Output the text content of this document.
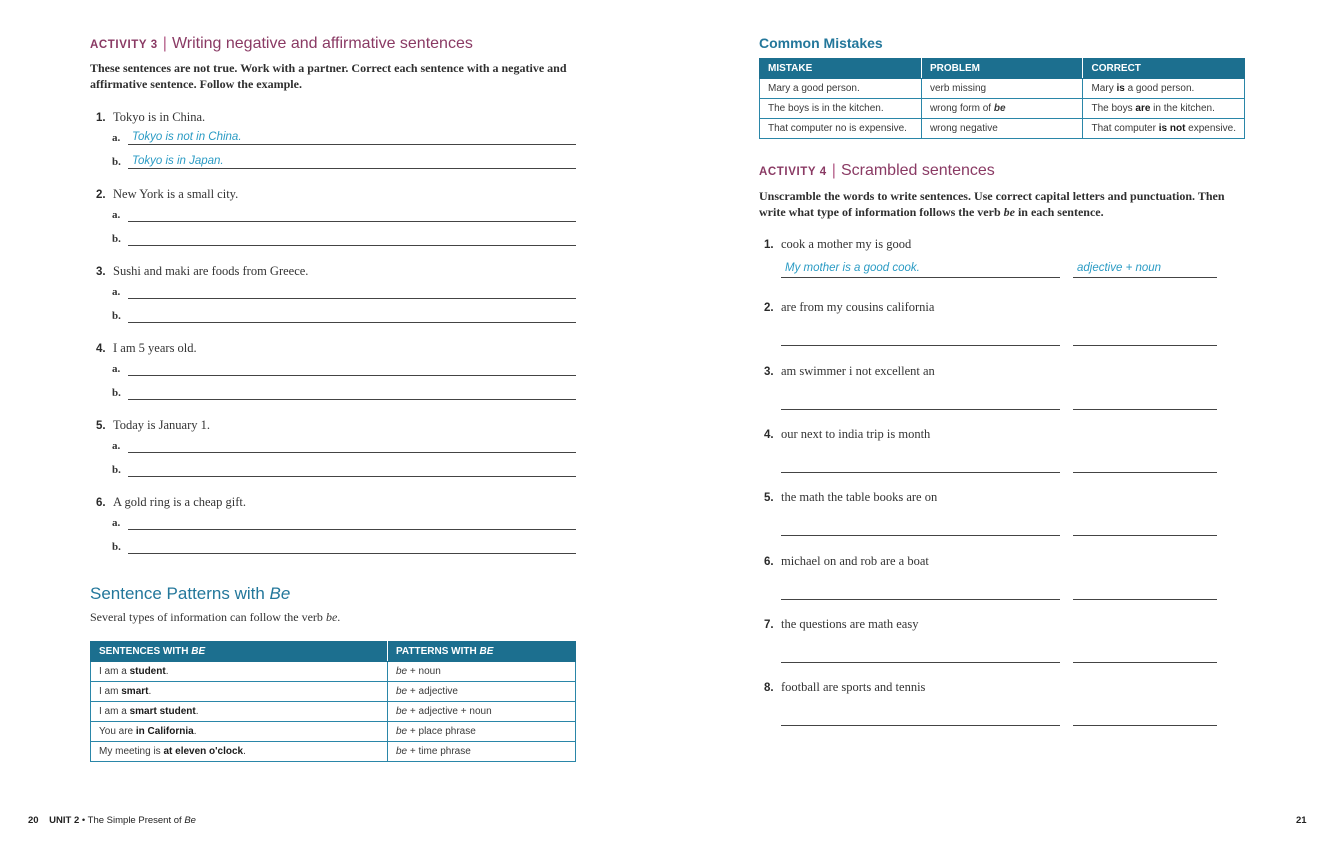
ACTIVITY 3 | Writing negative and affirmative sentences
These sentences are not true. Work with a partner. Correct each sentence with a negative and affirmative sentence. Follow the example.
1. Tokyo is in China.
a. Tokyo is not in China.
b. Tokyo is in Japan.
2. New York is a small city.
a.
b.
3. Sushi and maki are foods from Greece.
a.
b.
4. I am 5 years old.
a.
b.
5. Today is January 1.
a.
b.
6. A gold ring is a cheap gift.
a.
b.
Sentence Patterns with Be
Several types of information can follow the verb be.
SENTENCES WITH BE	PATTERNS WITH BE
I am a student.	be + noun
I am smart.	be + adjective
I am a smart student.	be + adjective + noun
You are in California.	be + place phrase
My meeting is at eleven o'clock.	be + time phrase
20 UNIT 2 • The Simple Present of Be
Common Mistakes
MISTAKE	PROBLEM	CORRECT
Mary a good person.	verb missing	Mary is a good person.
The boys is in the kitchen.	wrong form of be	The boys are in the kitchen.
That computer no is expensive.	wrong negative	That computer is not expensive.
ACTIVITY 4 | Scrambled sentences
Unscramble the words to write sentences. Use correct capital letters and punctuation. Then write what type of information follows the verb be in each sentence.
1. cook a mother my is good
My mother is a good cook.	adjective + noun
2. are from my cousins california
3. am swimmer i not excellent an
4. our next to india trip is month
5. the math the table books are on
6. michael on and rob are a boat
7. the questions are math easy
8. football are sports and tennis
21
